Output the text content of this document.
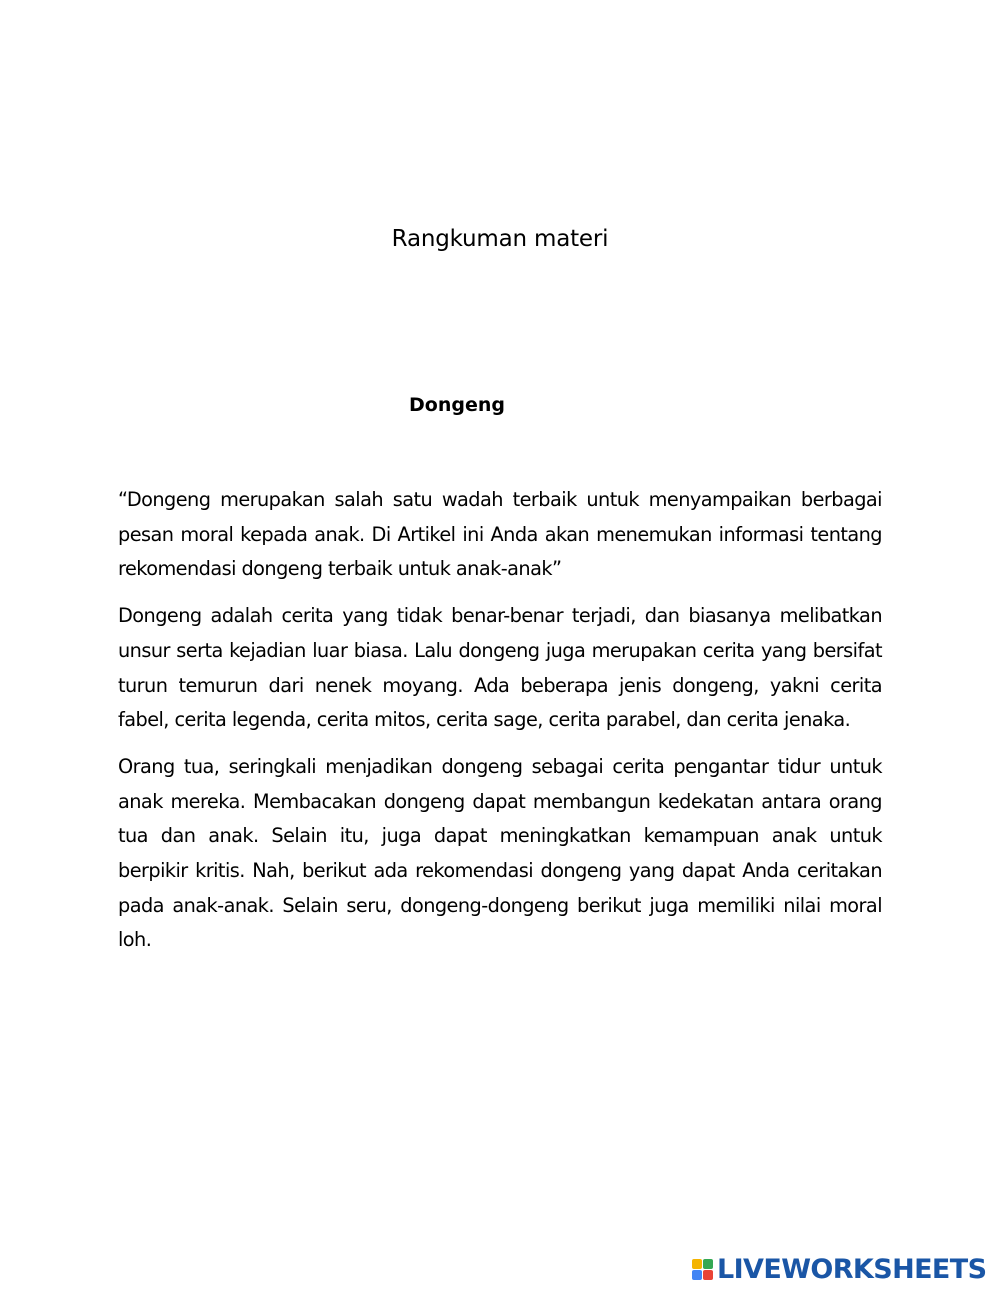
Rangkuman materi
Dongeng

“Dongeng merupakan salah satu wadah terbaik untuk menyampaikan berbagai pesan moral kepada anak. Di Artikel ini Anda akan menemukan informasi tentang rekomendasi dongeng terbaik untuk anak-anak”

Dongeng adalah cerita yang tidak benar-benar terjadi, dan biasanya melibatkan unsur serta kejadian luar biasa. Lalu dongeng juga merupakan cerita yang bersifat turun temurun dari nenek moyang. Ada beberapa jenis dongeng, yakni cerita fabel, cerita legenda, cerita mitos, cerita sage, cerita parabel, dan cerita jenaka.

Orang tua, seringkali menjadikan dongeng sebagai cerita pengantar tidur untuk anak mereka. Membacakan dongeng dapat membangun kedekatan antara orang tua dan anak. Selain itu, juga dapat meningkatkan kemampuan anak untuk berpikir kritis. Nah, berikut ada rekomendasi dongeng yang dapat Anda ceritakan pada anak-anak. Selain seru, dongeng-dongeng berikut juga memiliki nilai moral loh.

LIVEWORKSHEETS
